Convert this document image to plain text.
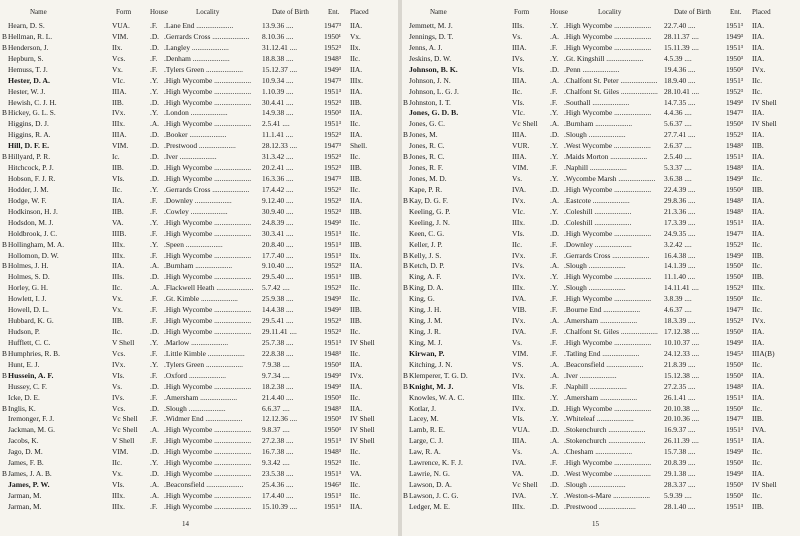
Name	Form	House	Locality	Date of Birth	Ent. Placed
Hearn, D. S.	VUA.	.F. .Lane End ....................	13.9.36 ....	1947³	IIA.
B Hellman, R. L.	VIM.	.D. .Gerrards Cross ....................	8.10.36 ....	1950¹	Vx.
B Henderson, J.	IIx.	.D. .Langley ....................	31.12.41 ....	1952³	IIx.
Hepburn, S.	Vcs.	.F. .Denham ....................	18.8.38 ....	1948³	IIc.
Hemuss, T. J.	Vx.	.F. .Tylers Green ....................	15.12.37 ....	1949³	IIA.
Hester, D. A.	VIc.	.Y. .High Wycombe ....................	10.9.34 ....	1947³	IIIx.
Hester, W. J.	IIIA.	.Y. .High Wycombe ....................	1.10.39 ....	1951³	IIA.
Hewish, C. J. H.	IIB.	.D. .High Wycombe ....................	30.4.41 ....	1952³	IIB.
B Hickey, G. L. S.	IVx.	.Y. .London ....................	14.9.38 ....	1950³	IIA.
Higgins, D. J.	IIIx.	.A. .High Wycombe ....................	2.5.41 ....	1951³	IIc.
Higgins, R. A.	IIIA.	.D. .Booker ....................	11.1.41 ....	1952³	IIA.
Hill, D. F. E.	VIM.	.D. .Prestwood ....................	28.12.33 ....	1947³	Shell.
B Hillyard, P. R.	Ic.	.D. .Iver ....................	31.3.42 ....	1952³	IIc.
Hitchcock, P. J.	IIB.	.D. .High Wycombe ....................	20.2.41 ....	1952³	IIB.
Hobson, F. J. R.	VIs.	.D. .High Wycombe ....................	16.3.36 ....	1947³	IIB.
Hodder, J. M.	IIc.	.Y. .Gerrards Cross ....................	17.4.42 ....	1952³	IIc.
Hodge, W. F.	IIA.	.F. .Downley ....................	9.12.40 ....	1952³	IIA.
Hodkinson, H. J.	IIB.	.F. .Cowley ....................	30.9.40 ....	1952³	IIB.
Hodsdon, M. J.	VA.	.Y. .High Wycombe ....................	24.8.39 ....	1949³	IIc.
Holdbrook, J. C.	IIIB.	.F. .High Wycombe ....................	30.3.41 ....	1951³	IIc.
B Hollingham, M. A.	IIIx.	.Y. .Speen ....................	20.8.40 ....	1951³	IIB.
Hollomon, D. W.	IIIx.	.F. .High Wycombe ....................	17.7.40 ....	1951³	IIx.
B Holmes, J. H.	IIA.	.A. .Burnham ....................	9.10.40 ....	1952³	IIA.
Holmes, S. D.	IIIs.	.D. .High Wycombe ....................	29.5.40 ....	1951³	IIB.
Horley, G. H.	IIc.	.A. .Flackwell Heath ....................	5.7.42 ....	1952³	IIc.
Howlett, I. J.	Vx.	.F. .Gt. Kimble ....................	25.9.38 ....	1949³	IIc.
Howell, D. L.	Vx.	.F. .High Wycombe ....................	14.4.38 ....	1949³	IIB.
Hubbard, K. G.	IIB.	.F. .High Wycombe ....................	29.5.41 ....	1952³	IIB.
Hudson, P.	IIc.	.D. .High Wycombe ....................	29.11.41 ....	1952³	IIc.
Hufflett, C. C.	V Shell	.Y. .Marlow ....................	25.7.38 ....	1951³	IV Shell
B Humphries, R. B.	Vcs.	.F. .Little Kimble ....................	22.8.38 ....	1948³	IIc.
Hunt, E. J.	IVx.	.Y. .Tylers Green ....................	7.9.38 ....	1950³	IIA.
B Hussein, A. F.	VIs.	.F. .Oxford ....................	9.7.34 ....	1949³	IVx.
Hussey, C. F.	Vs.	.D. .High Wycombe ....................	18.2.38 ....	1949³	IIA.
Icke, D. E.	IVs.	.F. .Amersham ....................	21.4.40 ....	1950³	IIc.
B Inglis, K.	Vcs.	.D. .Slough ....................	6.6.37 ....	1948³	IIA.
Iremonger, F. J.	Vc Shell	.F. .Widmer End ....................	12.12.36 ....	1950³	IV Shell
Jackman, M. G.	Vc Shell	.A. .High Wycombe ....................	9.8.37 ....	1950³	IV Shell
Jacobs, K.	V Shell	.F. .High Wycombe ....................	27.2.38 ....	1951³	IV Shell
Jago, D. M.	VIM.	.D. .High Wycombe ....................	16.7.38 ....	1948³	IIc.
James, F. B.	IIc.	.Y. .High Wycombe ....................	9.3.42 ....	1952³	IIc.
B James, J. A. B.	Vx.	.D. .High Wycombe ....................	23.5.38 ....	1951³	VA.
James, P. W.	VIs.	.A. .Beaconsfield ....................	25.4.36 ....	1946³	IIc.
Jarman, M.	IIIx.	.A. .High Wycombe ....................	17.4.40 ....	1951³	IIc.
Jarman, M.	IIIx.	.F. .High Wycombe ....................	15.10.39 ....	1951³	IIA.
14
Name	Form	House	Locality	Date of Birth	Ent. Placed
Jemmett, M. J.	IIIs.	.Y. .High Wycombe ....................	22.7.40 ....	1951³	IIA.
Jennings, D. T.	Vs.	.A. .High Wycombe ....................	28.11.37 ....	1949³	IIA.
Jenns, A. J.	IIIA.	.F. .High Wycombe ....................	15.11.39 ....	1951³	IIA.
Jeskins, D. W.	IVs.	.Y. .Gt. Kingshill ....................	4.5.39 ....	1950³	IIA.
Johnson, B. K.	VIs.	.D. .Penn ....................	19.4.36 ....	1950³	IVx.
Johnson, J. N.	IIIA.	.A. .Chalfont St. Peter .................... 18.9.40 ....	1951³	IIc.
Johnson, L. G. J.	IIc.	.F. .Chalfont St. Giles .................... 28.10.41 ....	1952³	IIc.
B Johnston, I. T.	VIs.	.F. .Southall ....................	14.7.35 ....	1949³	IV Shell
Jones, G. D. B.	VIc.	.Y. .High Wycombe ....................	4.4.36 ....	1947³	IIA.
Jones, G. C.	Vc Shell	.A. .Burnham ....................	5.6.37 ....	1950³	IV Shell
B Jones, M.	IIIA.	.D. .Slough ....................	27.7.41 ....	1952³	IIA.
Jones, R. C.	VUR.	.Y. .West Wycombe ....................	2.6.37 ....	1948³	IIB.
B Jones, R. C.	IIIA.	.Y. .Maids Morton ....................	2.5.40 ....	1951³	IIA.
Jones, R. F.	VIM.	.F. .Naphill ....................	5.3.37 ....	1948³	IIA.
Jones, M. D.	Vs.	.Y. .Wycombe Marsh ....................	3.6.38 ....	1949³	IIc.
Kape, P. R.	IVA.	.D. .High Wycombe ....................	22.4.39 ....	1950³	IIB.
B Kay, D. G. F.	IVx.	.A. .Eastcote ....................	29.8.36 ....	1948³	IIA.
Keeling, G. P.	VIc.	.Y. .Coleshill ....................	21.3.36 ....	1948³	IIA.
Keeling, J. N.	IIIx.	.D. .Coleshill ....................	17.3.39 ....	1951³	IIA.
Keen, C. G.	VIs.	.D. .High Wycombe ....................	24.9.35 ....	1947³	IIA.
Keller, J. P.	IIc.	.F. .Downley ....................	3.2.42 ....	1952³	IIc.
B Kelly, J. S.	IVx.	.F. .Gerrards Cross ....................	16.4.38 ....	1949³	IIB.
B Ketch, D. P.	IVs.	.A. .Slough ....................	14.1.39 ....	1950³	IIc.
King, A. F.	IVx.	.Y. .High Wycombe ....................	11.1.40 ....	1950³	IIB.
B King, D. A.	IIIx.	.Y. .Slough ....................	14.11.41 ....	1952³	IIIx.
King, G.	IVA.	.F. .High Wycombe ....................	3.8.39 ....	1950³	IIc.
King, J. H.	VIB.	.F. .Bourne End ....................	4.6.37 ....	1947³	IIc.
King, J. M.	IVx.	.A. .Amersham ....................	18.3.39 ....	1952³	IVx.
King, J. R.	IVA.	.F. .Chalfont St. Giles .................... 17.12.38 ....	1950³	IIA.
King, M. J.	Vs.	.F. .High Wycombe ....................	10.10.37 ....	1949³	IIA.
Kirwan, P.	VIM.	.F. .Tatling End ....................	24.12.33 ....	1945³	IIIA(B)
Kitching, J. N.	VS.	.A. .Beaconsfield ....................	21.8.39 ....	1950³	IIc.
B Klemperer, T. G. D.	IVx.	.A. .Iver ....................	15.12.38 ....	1950³	IIA.
B Knight, M. J.	VIs.	.F. .Naphill ....................	27.2.35 ....	1948³	IIA.
Knowles, W. A. C.	IIIx.	.Y. .Amersham ....................	26.1.41 ....	1951³	IIA.
Kotlar, J.	IVx.	.D. .High Wycombe ....................	20.10.38 ....	1950³	IIc.
Lacey, M.	VIs.	.Y. .Whiteleaf ....................	20.10.36 ....	1947³	IIB.
Lamb, R. E.	VUA.	.D. .Stokenchurch ....................	16.9.37 ....	1951³	IVA.
Large, C. J.	IIIA.	.A. .Stokenchurch ....................	26.11.39 ....	1951³	IIA.
Law, R. A.	Vs.	.A. .Chesham ....................	15.7.38 ....	1949³	IIc.
Lawrence, K. F. J.	IVA.	.F. .High Wycombe ....................	20.8.39 ....	1950³	IIc.
Lawrie, N. G.	VA.	.D. .West Wycombe ....................	29.1.38 ....	1949³	IIA.
Lawson, D. A.	Vc Shell	.D. .Slough ....................	28.3.37 ....	1950³	IV Shell
B Lawson, J. C. G.	IVA.	.Y. .Weston-s-Mare ....................	5.9.39 ....	1950³	IIc.
Ledger, M. E.	IIIx.	.D. .Prestwood ....................	28.1.40 ....	1951³	IIB.
15
